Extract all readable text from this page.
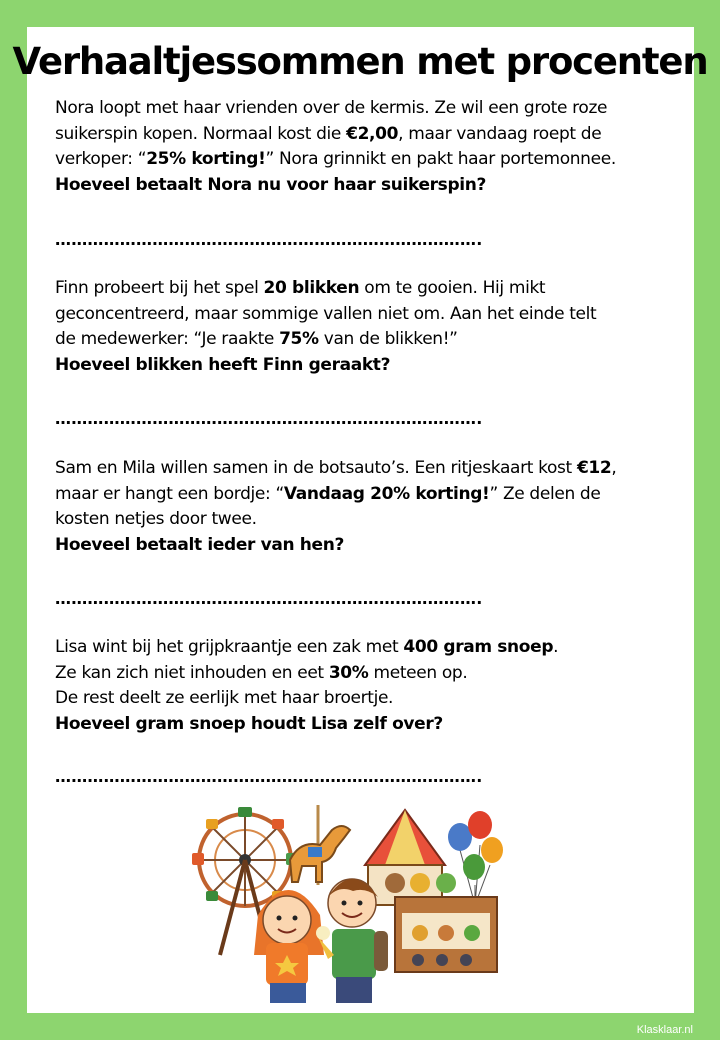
Verhaaltjessommen met procenten
Nora loopt met haar vrienden over de kermis. Ze wil een grote roze
suikerspin kopen. Normaal kost die €2,00, maar vandaag roept de
verkoper: “25% korting!” Nora grinnikt en pakt haar portemonnee.
Hoeveel betaalt Nora nu voor haar suikerspin?
…………………………………………………………………….
Finn probeert bij het spel 20 blikken om te gooien. Hij mikt
geconcentreerd, maar sommige vallen niet om. Aan het einde telt
de medewerker: “Je raakte 75% van de blikken!”
Hoeveel blikken heeft Finn geraakt?
…………………………………………………………………….
Sam en Mila willen samen in de botsauto’s. Een ritjeskaart kost €12,
maar er hangt een bordje: “Vandaag 20% korting!” Ze delen de
kosten netjes door twee.
Hoeveel betaalt ieder van hen?
…………………………………………………………………….
Lisa wint bij het grijpkraantje een zak met 400 gram snoep.
Ze kan zich niet inhouden en eet 30% meteen op.
De rest deelt ze eerlijk met haar broertje.
Hoeveel gram snoep houdt Lisa zelf over?
…………………………………………………………………….
Klasklaar.nl
